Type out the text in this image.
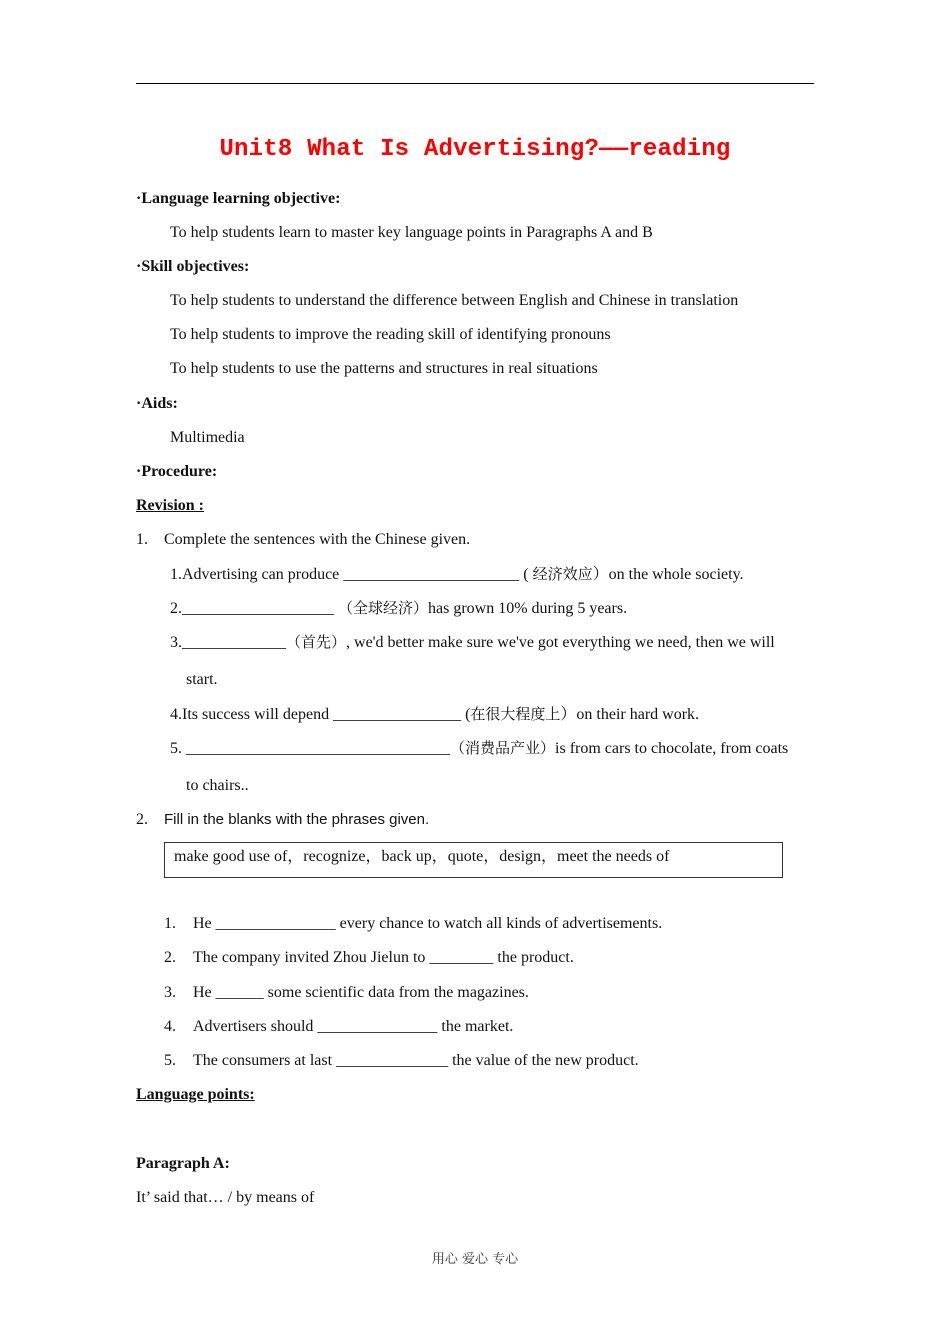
Unit8 What Is Advertising?——reading
·Language learning objective:
To help students learn to master key language points in Paragraphs A and B
·Skill objectives:
To help students to understand the difference between English and Chinese in translation
To help students to improve the reading skill of identifying pronouns
To help students to use the patterns and structures in real situations
·Aids:
Multimedia
·Procedure:
Revision :
1. Complete the sentences with the Chinese given.
1.Advertising can produce ______________________ ( 经济效应）on the whole society.
2.___________________ （全球经济）has grown 10% during 5 years.
3._____________（首先）, we'd better make sure we've got everything we need, then we will
start.
4.Its success will depend ________________ (在很大程度上）on their hard work.
5. _________________________________（消费品产业）is from cars to chocolate, from coats
to chairs..
2. Fill in the blanks with the phrases given.
make good use of，recognize，back up，quote，design，meet the needs of
1. He _______________ every chance to watch all kinds of advertisements.
2. The company invited Zhou Jielun to ________ the product.
3. He ______ some scientific data from the magazines.
4. Advertisers should _______________ the market.
5. The consumers at last ______________ the value of the new product.
Language points:
Paragraph A:
It’ said that… / by means of
用心 爱心 专心
